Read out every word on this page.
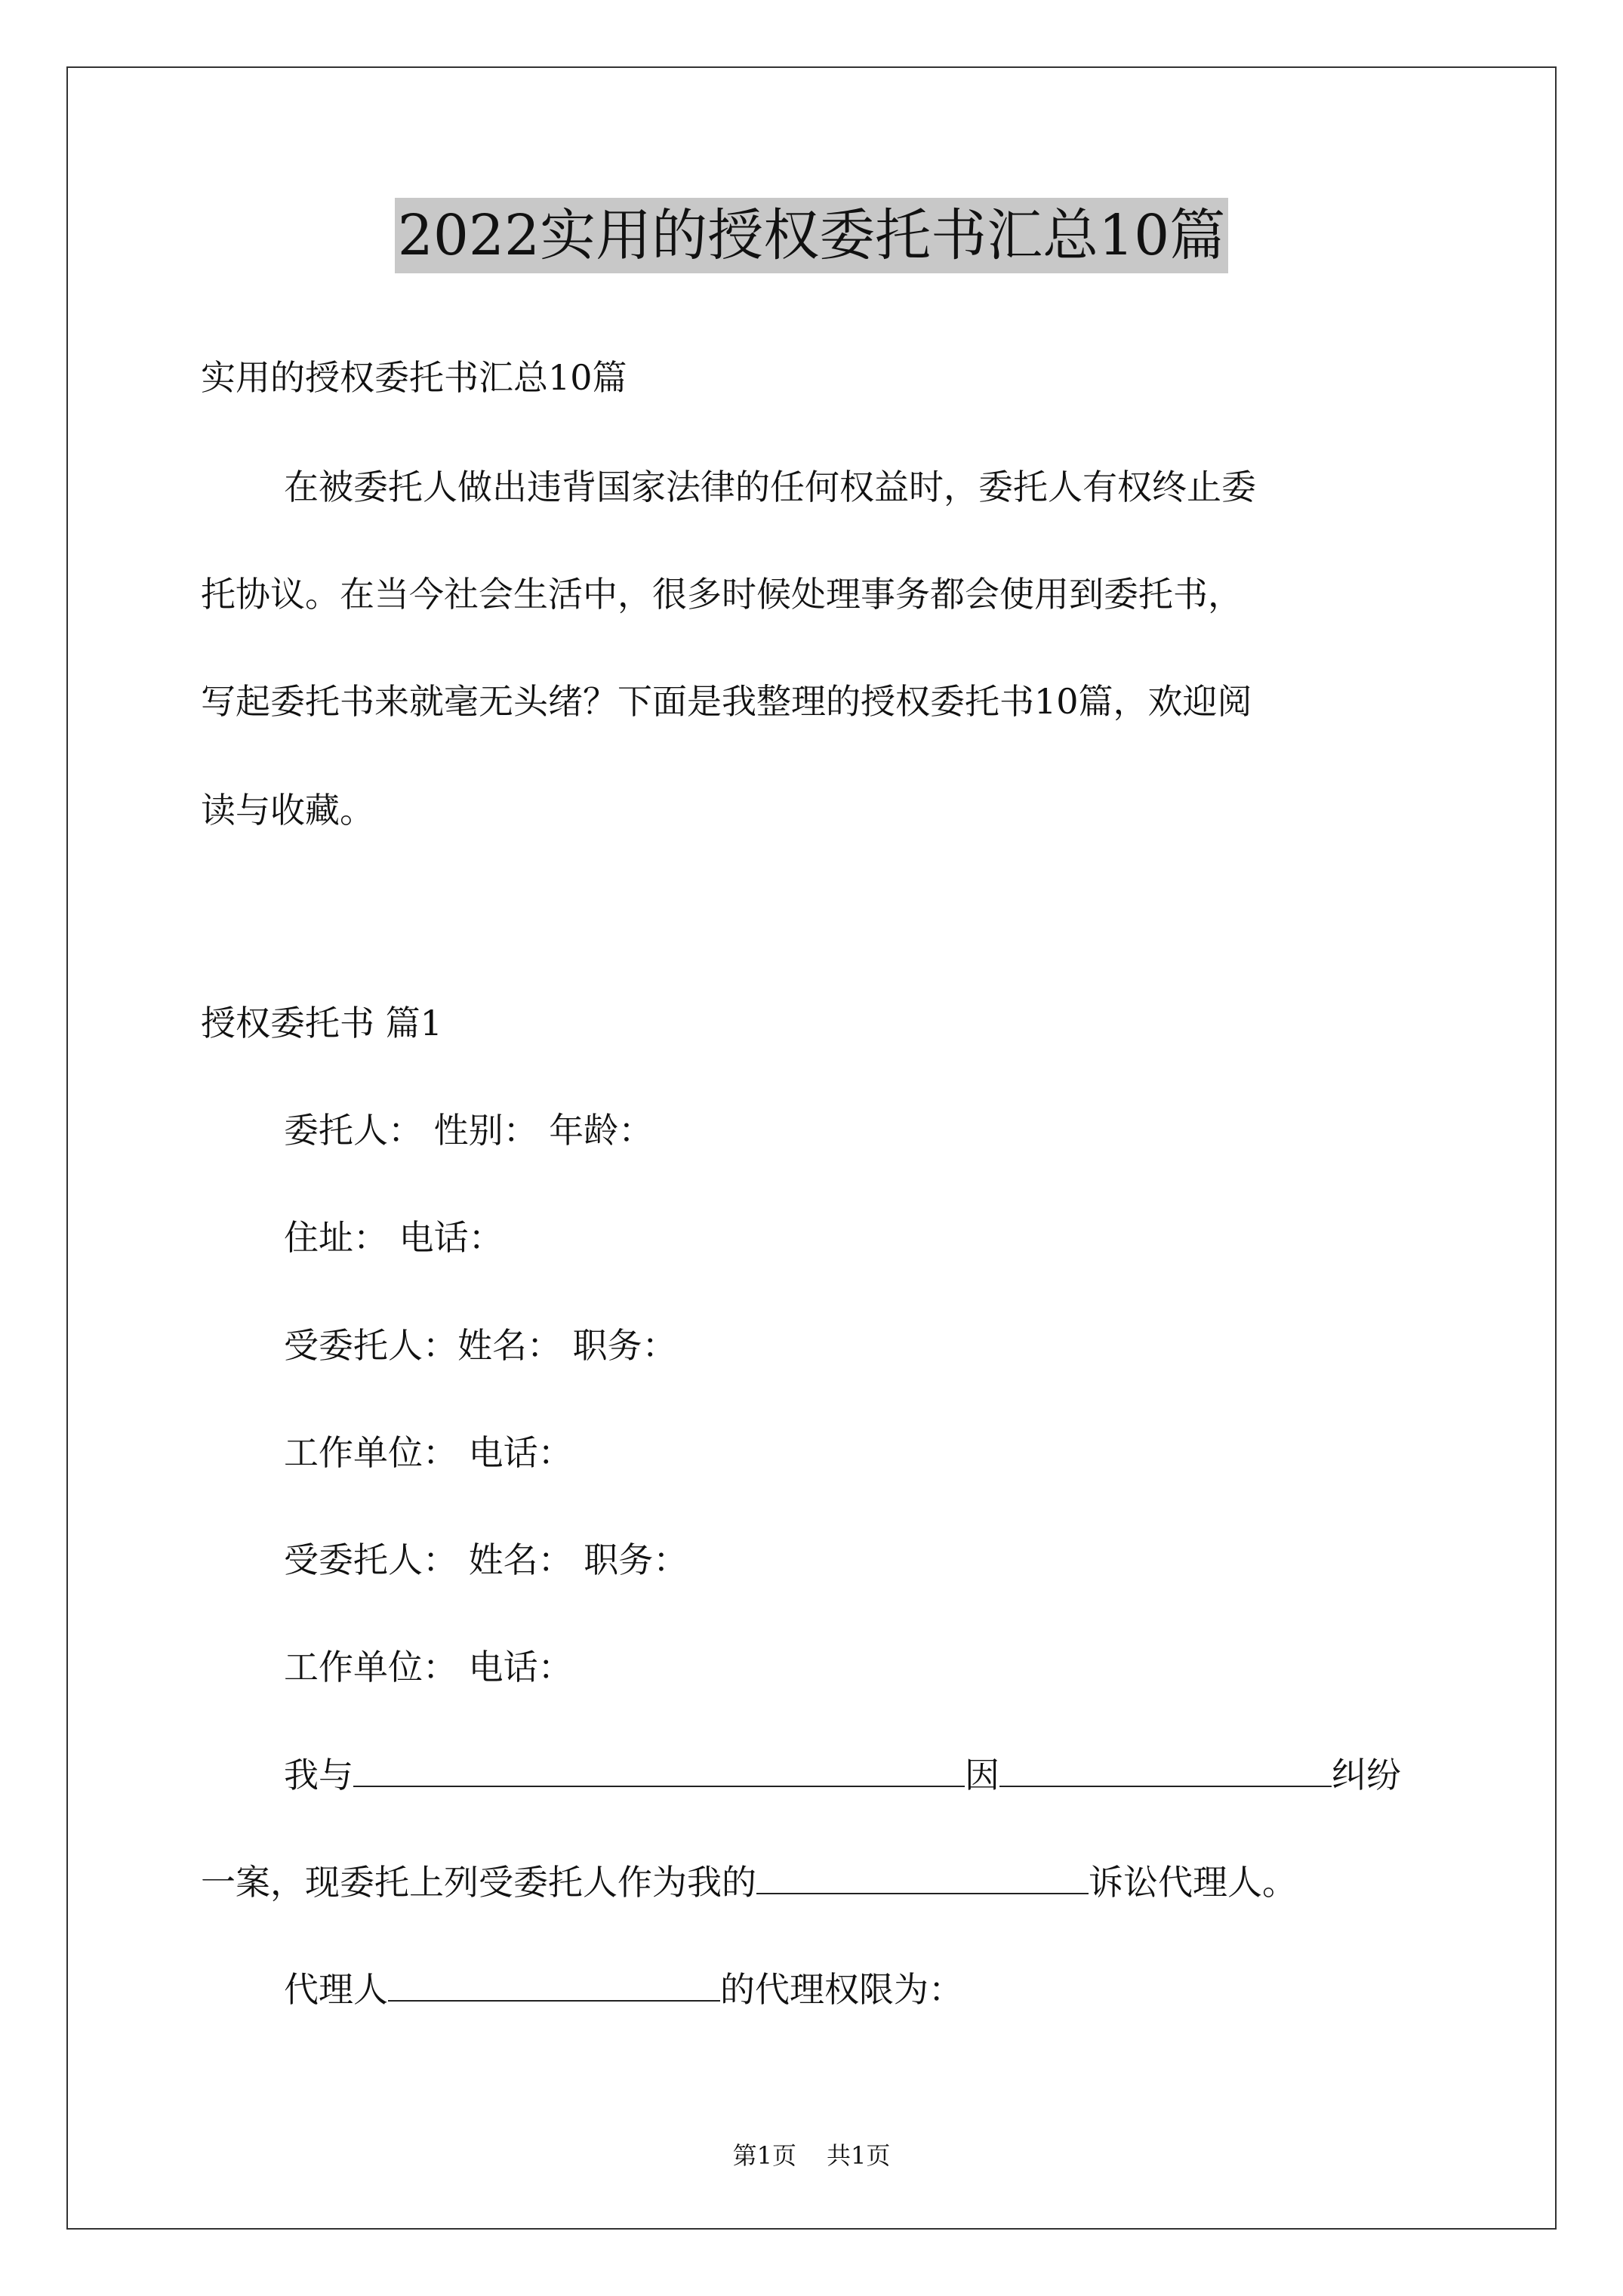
2022实用的授权委托书汇总10篇
实用的授权委托书汇总10篇
在被委托人做出违背国家法律的任何权益时，委托人有权终止委
托协议。在当今社会生活中，很多时候处理事务都会使用到委托书，
写起委托书来就毫无头绪？下面是我整理的授权委托书10篇，欢迎阅
读与收藏。
授权委托书 篇1
委托人： 性别： 年龄：
住址： 电话：
受委托人：姓名： 职务：
工作单位： 电话：
受委托人： 姓名： 职务：
工作单位： 电话：
我与	因	纠纷
一案，现委托上列受委托人作为我的	诉讼代理人。
代理人	的代理权限为：
第1页 共1页
